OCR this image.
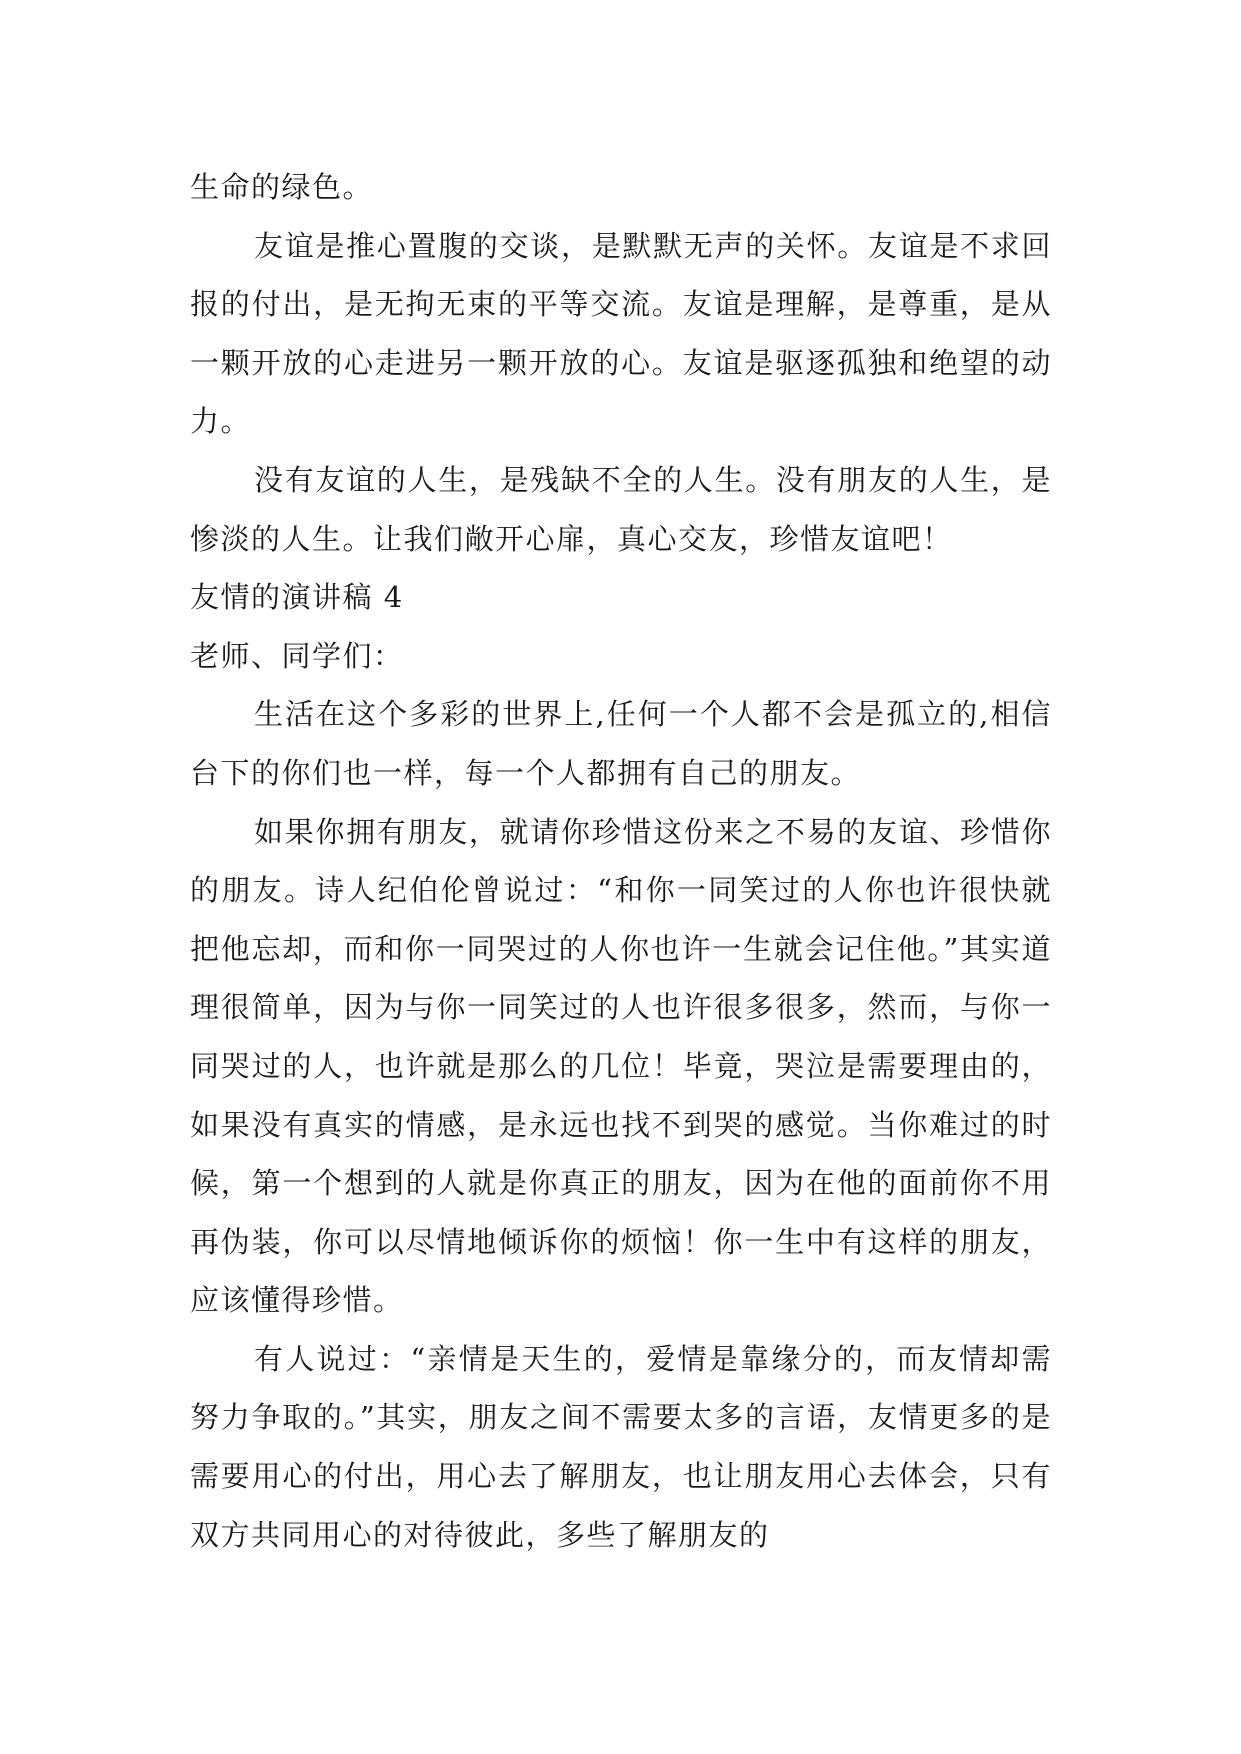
生命的绿色。

友谊是推心置腹的交谈，是默默无声的关怀。友谊是不求回报的付出，是无拘无束的平等交流。友谊是理解，是尊重，是从一颗开放的心走进另一颗开放的心。友谊是驱逐孤独和绝望的动力。

没有友谊的人生，是残缺不全的人生。没有朋友的人生，是惨淡的人生。让我们敞开心扉，真心交友，珍惜友谊吧！

友情的演讲稿 4

老师、同学们：

生活在这个多彩的世界上,任何一个人都不会是孤立的,相信台下的你们也一样，每一个人都拥有自己的朋友。

如果你拥有朋友，就请你珍惜这份来之不易的友谊、珍惜你的朋友。诗人纪伯伦曾说过：“和你一同笑过的人你也许很快就把他忘却，而和你一同哭过的人你也许一生就会记住他。”其实道理很简单，因为与你一同笑过的人也许很多很多，然而，与你一同哭过的人，也许就是那么的几位！毕竟，哭泣是需要理由的，如果没有真实的情感，是永远也找不到哭的感觉。当你难过的时候，第一个想到的人就是你真正的朋友，因为在他的面前你不用再伪装，你可以尽情地倾诉你的烦恼！你一生中有这样的朋友，应该懂得珍惜。

有人说过：“亲情是天生的，爱情是靠缘分的，而友情却需努力争取的。”其实，朋友之间不需要太多的言语，友情更多的是需要用心的付出，用心去了解朋友，也让朋友用心去体会，只有双方共同用心的对待彼此，多些了解朋友的
